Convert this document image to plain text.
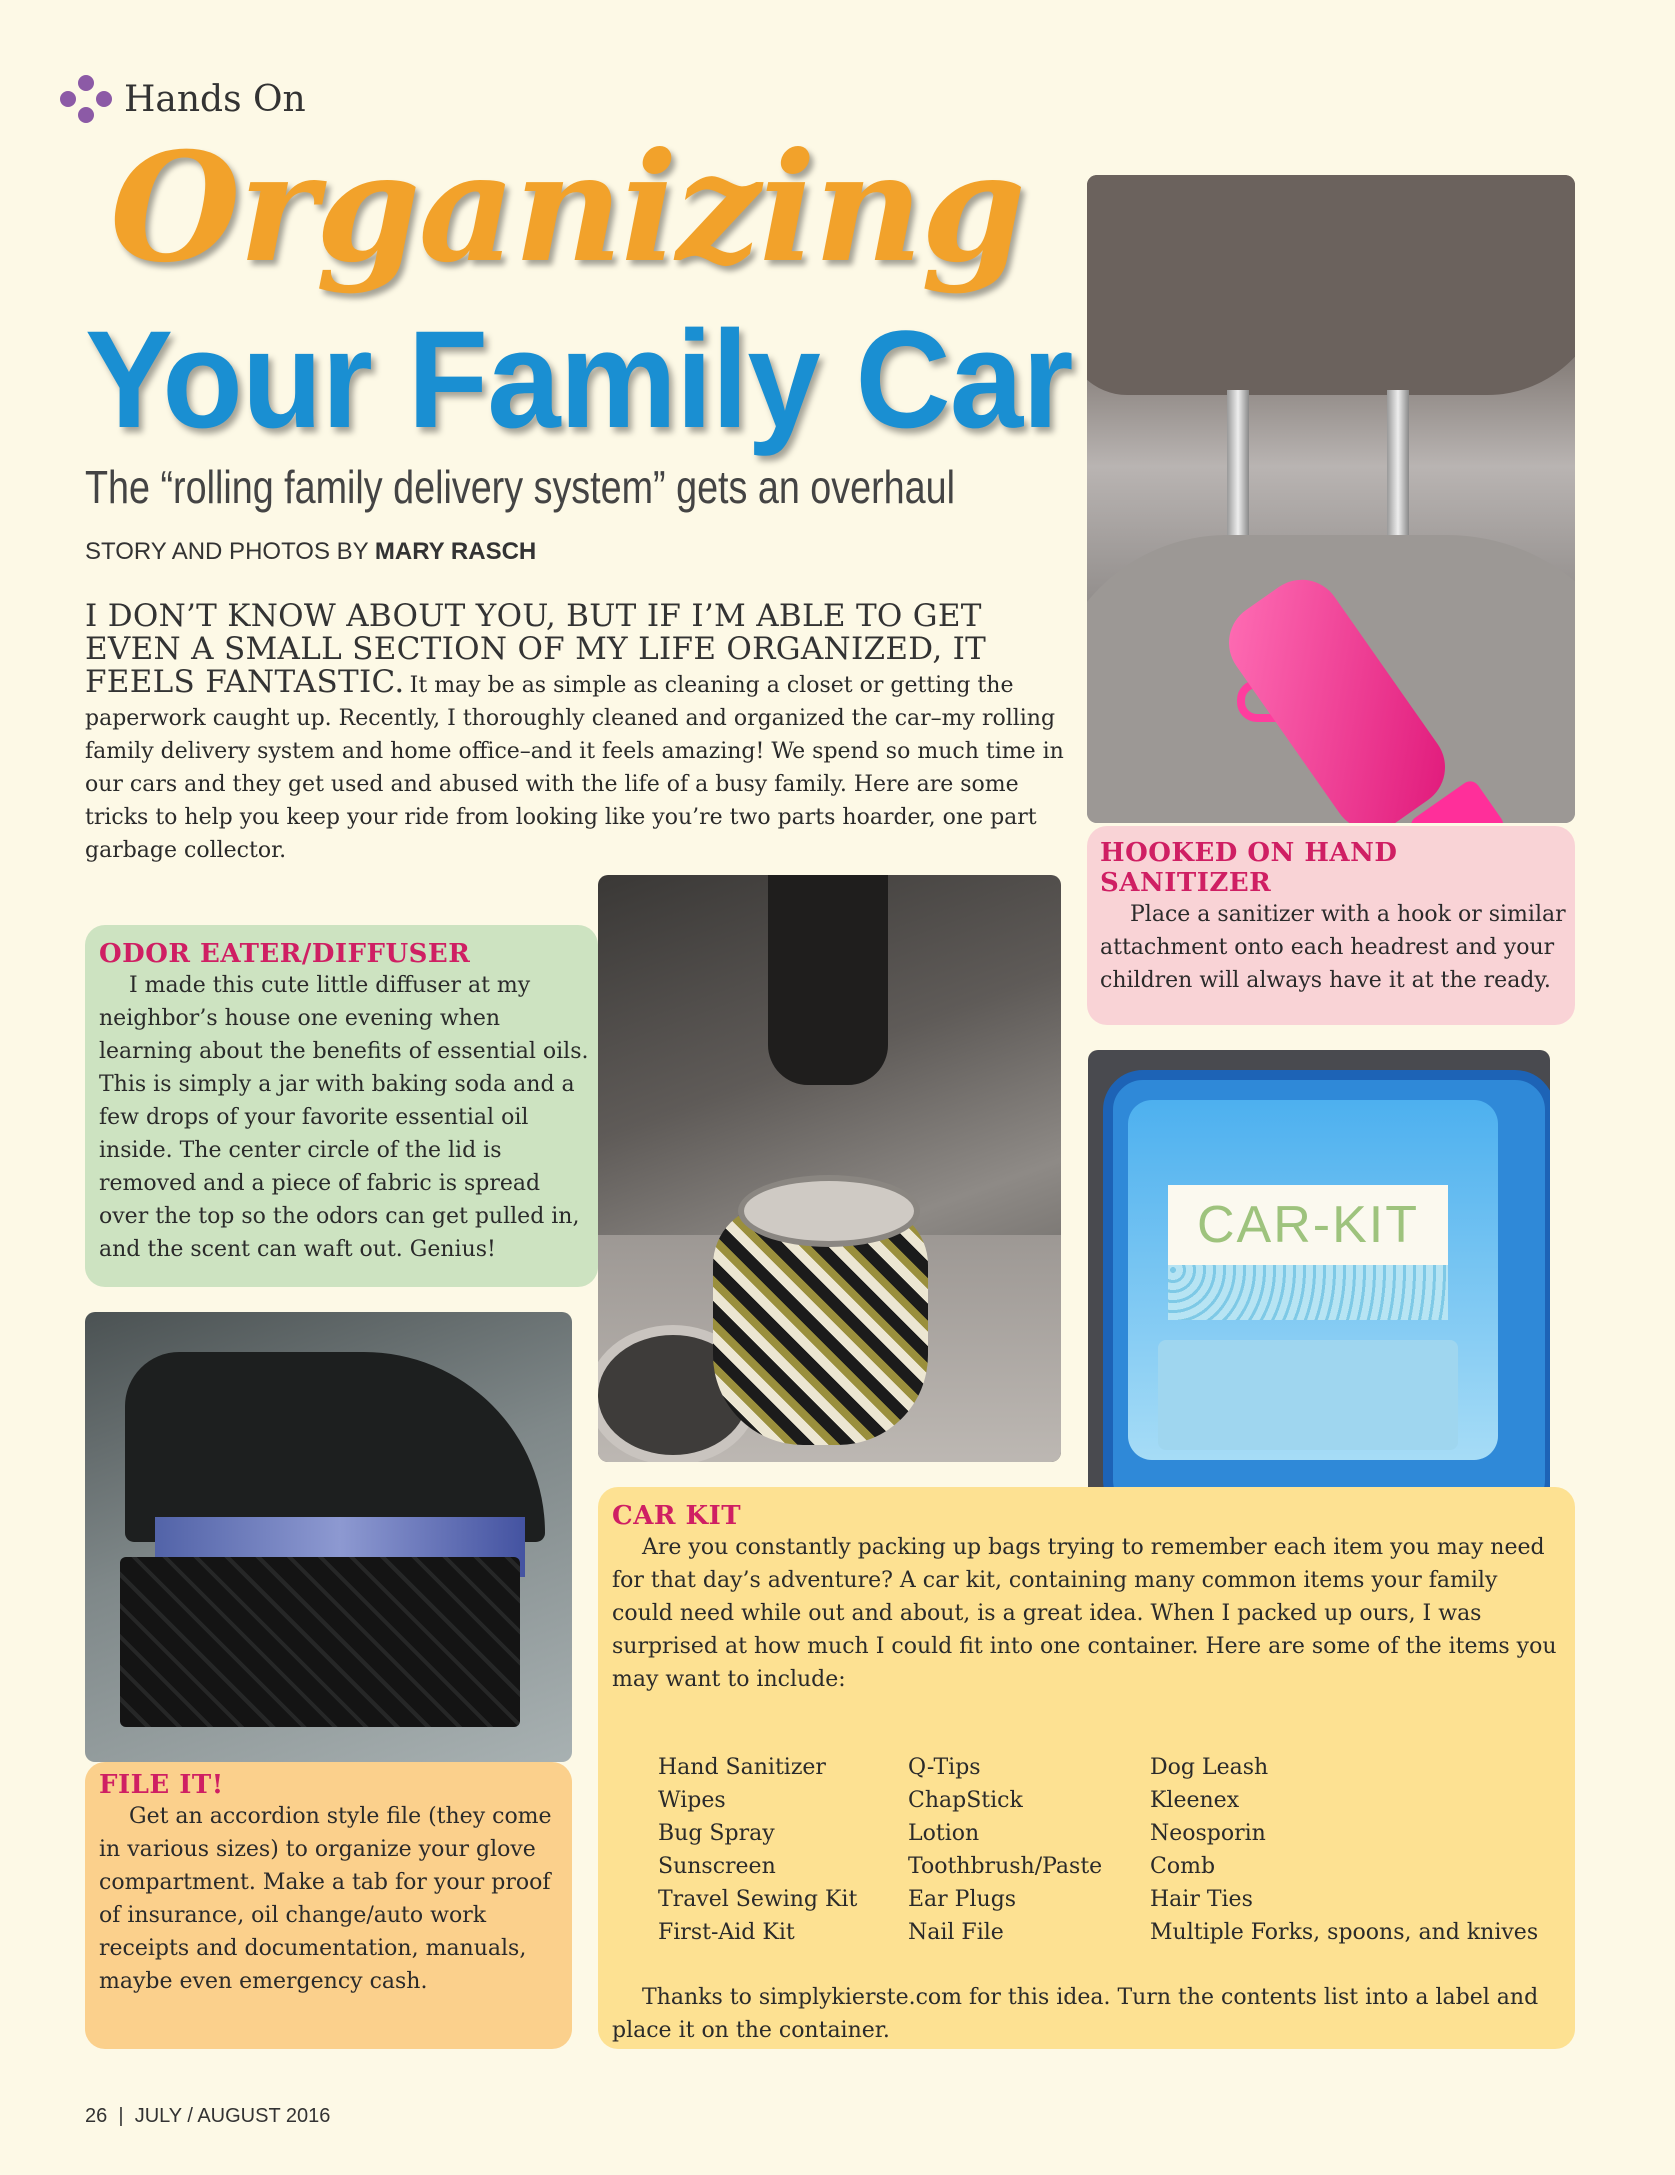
Hands On
Organizing
Your Family Car
The “rolling family delivery system” gets an overhaul
STORY AND PHOTOS BY MARY RASCH
I DON’T KNOW ABOUT YOU, BUT IF I’M ABLE TO GET EVEN A SMALL SECTION OF MY LIFE ORGANIZED, IT FEELS FANTASTIC. It may be as simple as cleaning a closet or getting the paperwork caught up. Recently, I thoroughly cleaned and organized the car–my rolling family delivery system and home office–and it feels amazing! We spend so much time in our cars and they get used and abused with the life of a busy family. Here are some tricks to help you keep your ride from looking like you’re two parts hoarder, one part garbage collector.	HOOKED ON HAND SANITIZER
Place a sanitizer with a hook or similar attachment onto each headrest and your children will always have it at the ready.
ODOR EATER/DIFFUSER
I made this cute little diffuser at my neighbor’s house one evening when learning about the benefits of essential oils. This is simply a jar with baking soda and a few drops of your favorite essential oil inside. The center circle of the lid is removed and a piece of fabric is spread over the top so the odors can get pulled in, and the scent can waft out. Genius!	CAR-KIT
FILE IT!
Get an accordion style file (they come in various sizes) to organize your glove compartment. Make a tab for your proof of insurance, oil change/auto work receipts and documentation, manuals, maybe even emergency cash.
CAR KIT
Are you constantly packing up bags trying to remember each item you may need for that day’s adventure? A car kit, containing many common items your family could need while out and about, is a great idea. When I packed up ours, I was surprised at how much I could fit into one container. Here are some of the items you may want to include:
Hand Sanitizer
Wipes
Bug Spray
Sunscreen
Travel Sewing Kit
First-Aid Kit
Q-Tips
ChapStick
Lotion
Toothbrush/Paste
Ear Plugs
Nail File
Dog Leash
Kleenex
Neosporin
Comb
Hair Ties
Multiple Forks, spoons, and knives
Thanks to simplykierste.com for this idea. Turn the contents list into a label and place it on the container.
26 | JULY / AUGUST 2016
